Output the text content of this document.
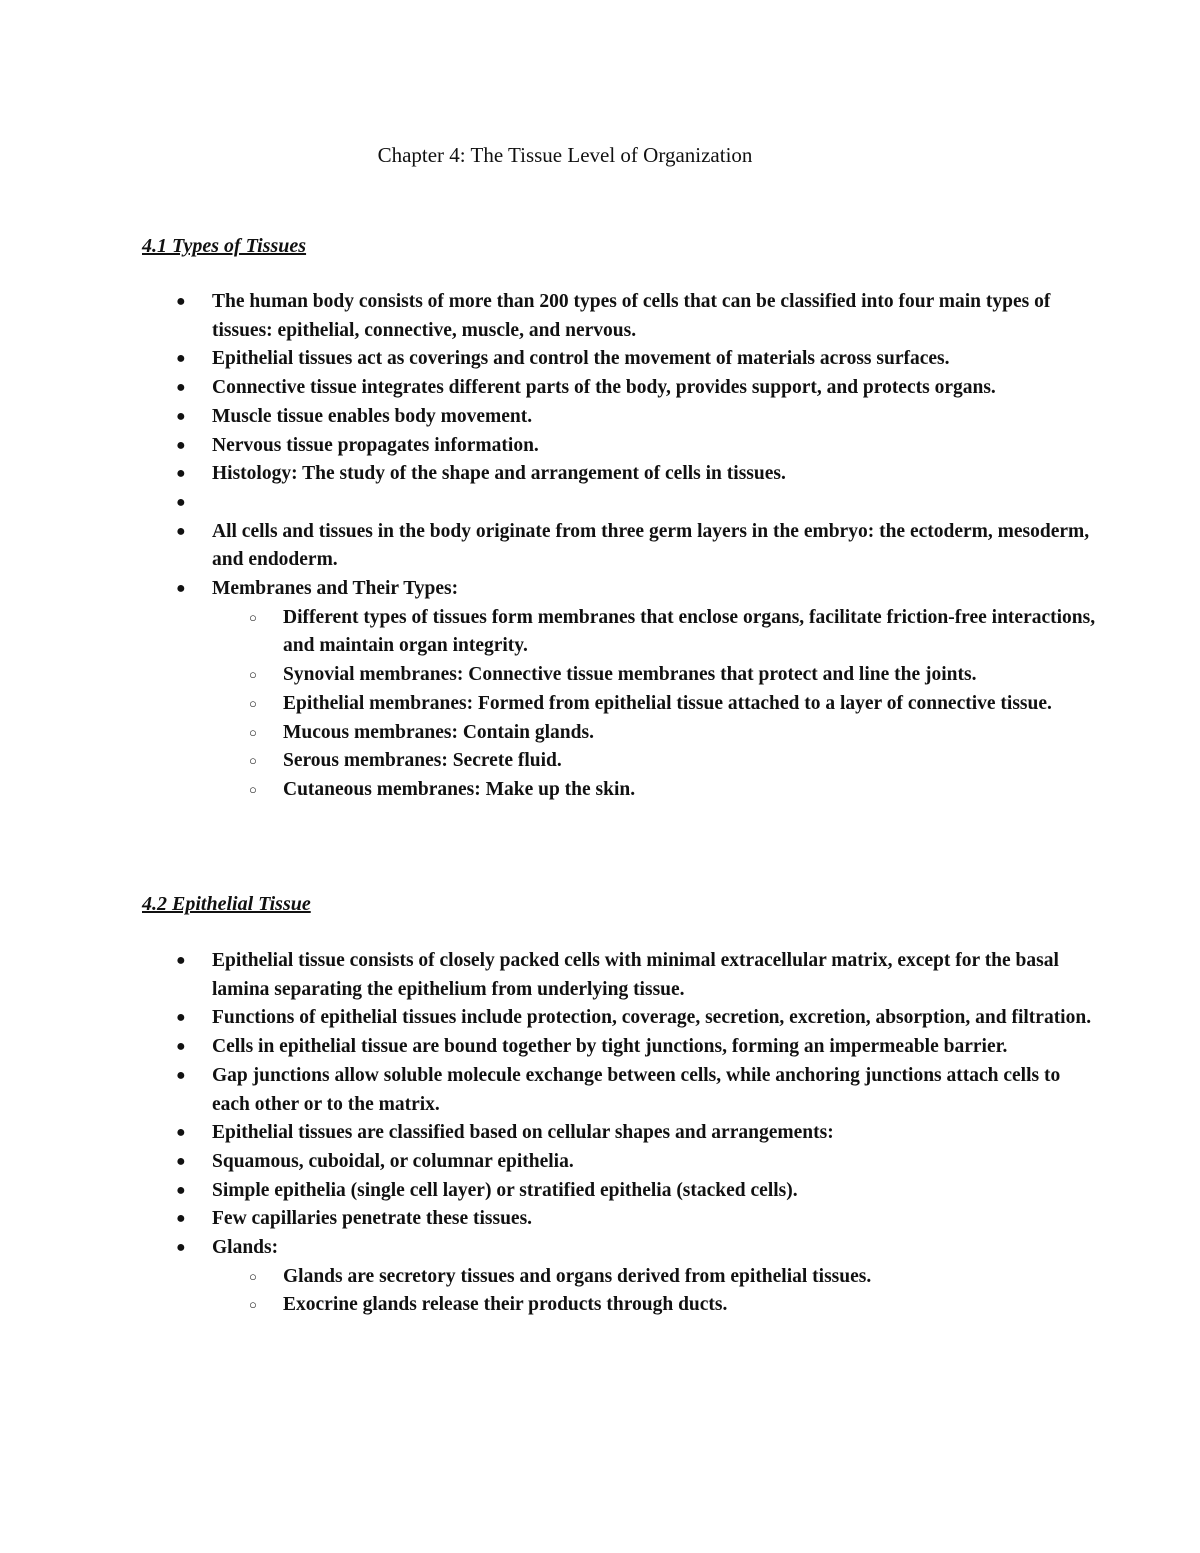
Chapter 4: The Tissue Level of Organization
4.1 Types of Tissues
● The human body consists of more than 200 types of cells that can be classified into four main types of tissues: epithelial, connective, muscle, and nervous.
● Epithelial tissues act as coverings and control the movement of materials across surfaces.
● Connective tissue integrates different parts of the body, provides support, and protects organs.
● Muscle tissue enables body movement.
● Nervous tissue propagates information.
● Histology: The study of the shape and arrangement of cells in tissues.
●
● All cells and tissues in the body originate from three germ layers in the embryo: the ectoderm, mesoderm, and endoderm.
● Membranes and Their Types:
○ Different types of tissues form membranes that enclose organs, facilitate friction-free interactions, and maintain organ integrity.
○ Synovial membranes: Connective tissue membranes that protect and line the joints.
○ Epithelial membranes: Formed from epithelial tissue attached to a layer of connective tissue.
○ Mucous membranes: Contain glands.
○ Serous membranes: Secrete fluid.
○ Cutaneous membranes: Make up the skin.
4.2 Epithelial Tissue
● Epithelial tissue consists of closely packed cells with minimal extracellular matrix, except for the basal lamina separating the epithelium from underlying tissue.
● Functions of epithelial tissues include protection, coverage, secretion, excretion, absorption, and filtration.
● Cells in epithelial tissue are bound together by tight junctions, forming an impermeable barrier.
● Gap junctions allow soluble molecule exchange between cells, while anchoring junctions attach cells to each other or to the matrix.
● Epithelial tissues are classified based on cellular shapes and arrangements:
● Squamous, cuboidal, or columnar epithelia.
● Simple epithelia (single cell layer) or stratified epithelia (stacked cells).
● Few capillaries penetrate these tissues.
● Glands:
○ Glands are secretory tissues and organs derived from epithelial tissues.
○ Exocrine glands release their products through ducts.
